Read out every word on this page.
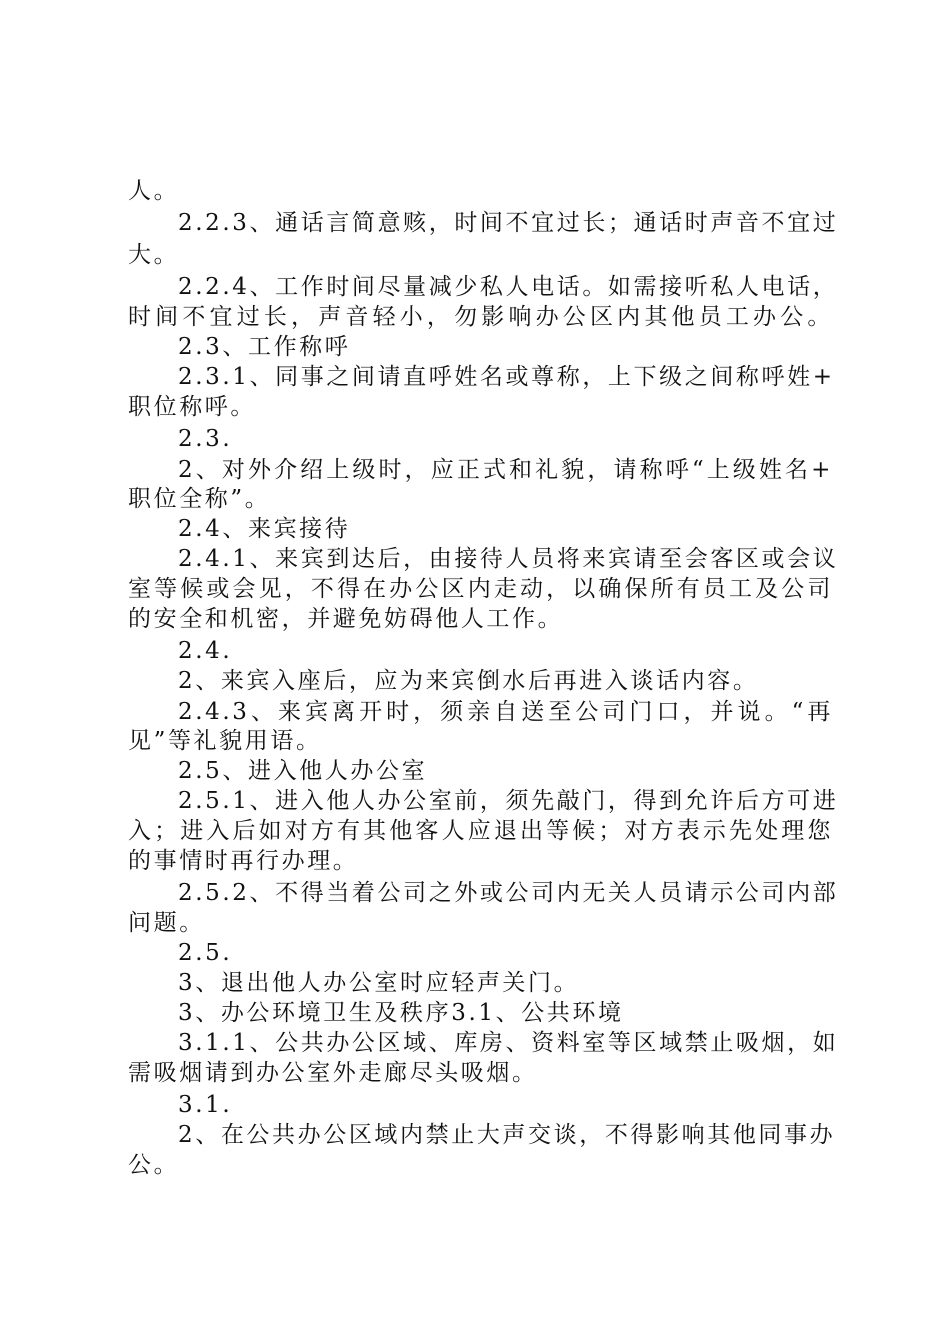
人。
2.2.3、通话言简意赅，时间不宜过长；通话时声音不宜过
大。
2.2.4、工作时间尽量减少私人电话。如需接听私人电话，
时间不宜过长，声音轻小，勿影响办公区内其他员工办公。
2.3、工作称呼
2.3.1、同事之间请直呼姓名或尊称，上下级之间称呼姓+
职位称呼。
2.3.
2、对外介绍上级时，应正式和礼貌，请称呼“上级姓名+
职位全称”。
2.4、来宾接待
2.4.1、来宾到达后，由接待人员将来宾请至会客区或会议
室等候或会见，不得在办公区内走动，以确保所有员工及公司
的安全和机密，并避免妨碍他人工作。
2.4.
2、来宾入座后，应为来宾倒水后再进入谈话内容。
2.4.3、来宾离开时，须亲自送至公司门口，并说。“再
见”等礼貌用语。
2.5、进入他人办公室
2.5.1、进入他人办公室前，须先敲门，得到允许后方可进
入；进入后如对方有其他客人应退出等候；对方表示先处理您
的事情时再行办理。
2.5.2、不得当着公司之外或公司内无关人员请示公司内部
问题。
2.5.
3、退出他人办公室时应轻声关门。
3、办公环境卫生及秩序3.1、公共环境
3.1.1、公共办公区域、库房、资料室等区域禁止吸烟，如
需吸烟请到办公室外走廊尽头吸烟。
3.1.
2、在公共办公区域内禁止大声交谈，不得影响其他同事办
公。
